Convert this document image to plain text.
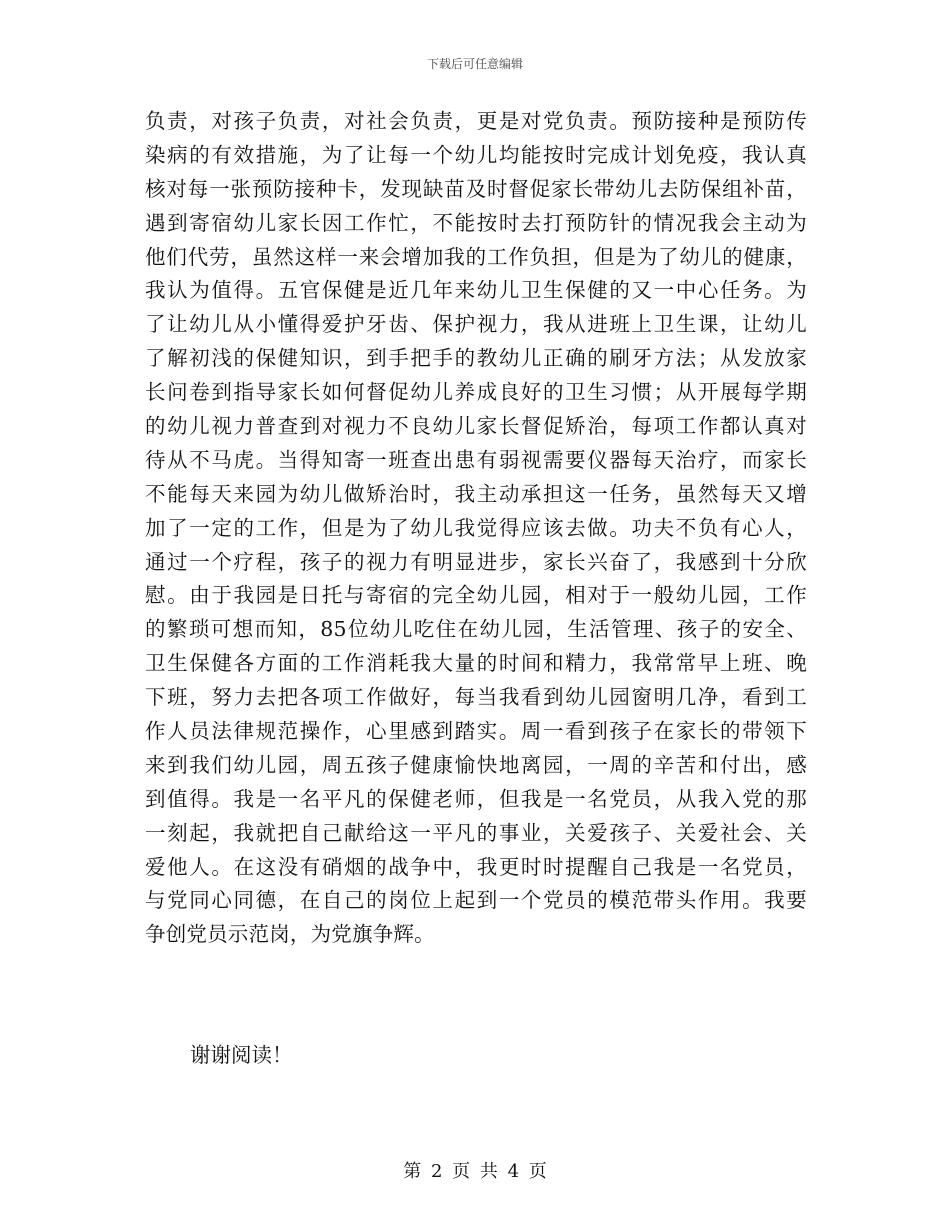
下载后可任意编辑
负责，对孩子负责，对社会负责，更是对党负责。预防接种是预防传
染病的有效措施，为了让每一个幼儿均能按时完成计划免疫，我认真
核对每一张预防接种卡，发现缺苗及时督促家长带幼儿去防保组补苗，
遇到寄宿幼儿家长因工作忙，不能按时去打预防针的情况我会主动为
他们代劳，虽然这样一来会增加我的工作负担，但是为了幼儿的健康，
我认为值得。五官保健是近几年来幼儿卫生保健的又一中心任务。为
了让幼儿从小懂得爱护牙齿、保护视力，我从进班上卫生课，让幼儿
了解初浅的保健知识，到手把手的教幼儿正确的刷牙方法；从发放家
长问卷到指导家长如何督促幼儿养成良好的卫生习惯；从开展每学期
的幼儿视力普查到对视力不良幼儿家长督促矫治，每项工作都认真对
待从不马虎。当得知寄一班查出患有弱视需要仪器每天治疗，而家长
不能每天来园为幼儿做矫治时，我主动承担这一任务，虽然每天又增
加了一定的工作，但是为了幼儿我觉得应该去做。功夫不负有心人，
通过一个疗程，孩子的视力有明显进步，家长兴奋了，我感到十分欣
慰。由于我园是日托与寄宿的完全幼儿园，相对于一般幼儿园，工作
的繁琐可想而知，85位幼儿吃住在幼儿园，生活管理、孩子的安全、
卫生保健各方面的工作消耗我大量的时间和精力，我常常早上班、晚
下班，努力去把各项工作做好，每当我看到幼儿园窗明几净，看到工
作人员法律规范操作，心里感到踏实。周一看到孩子在家长的带领下
来到我们幼儿园，周五孩子健康愉快地离园，一周的辛苦和付出，感
到值得。我是一名平凡的保健老师，但我是一名党员，从我入党的那
一刻起，我就把自己献给这一平凡的事业，关爱孩子、关爱社会、关
爱他人。在这没有硝烟的战争中，我更时时提醒自己我是一名党员，
与党同心同德，在自己的岗位上起到一个党员的模范带头作用。我要
争创党员示范岗，为党旗争辉。
谢谢阅读！
第 2 页 共 4 页
